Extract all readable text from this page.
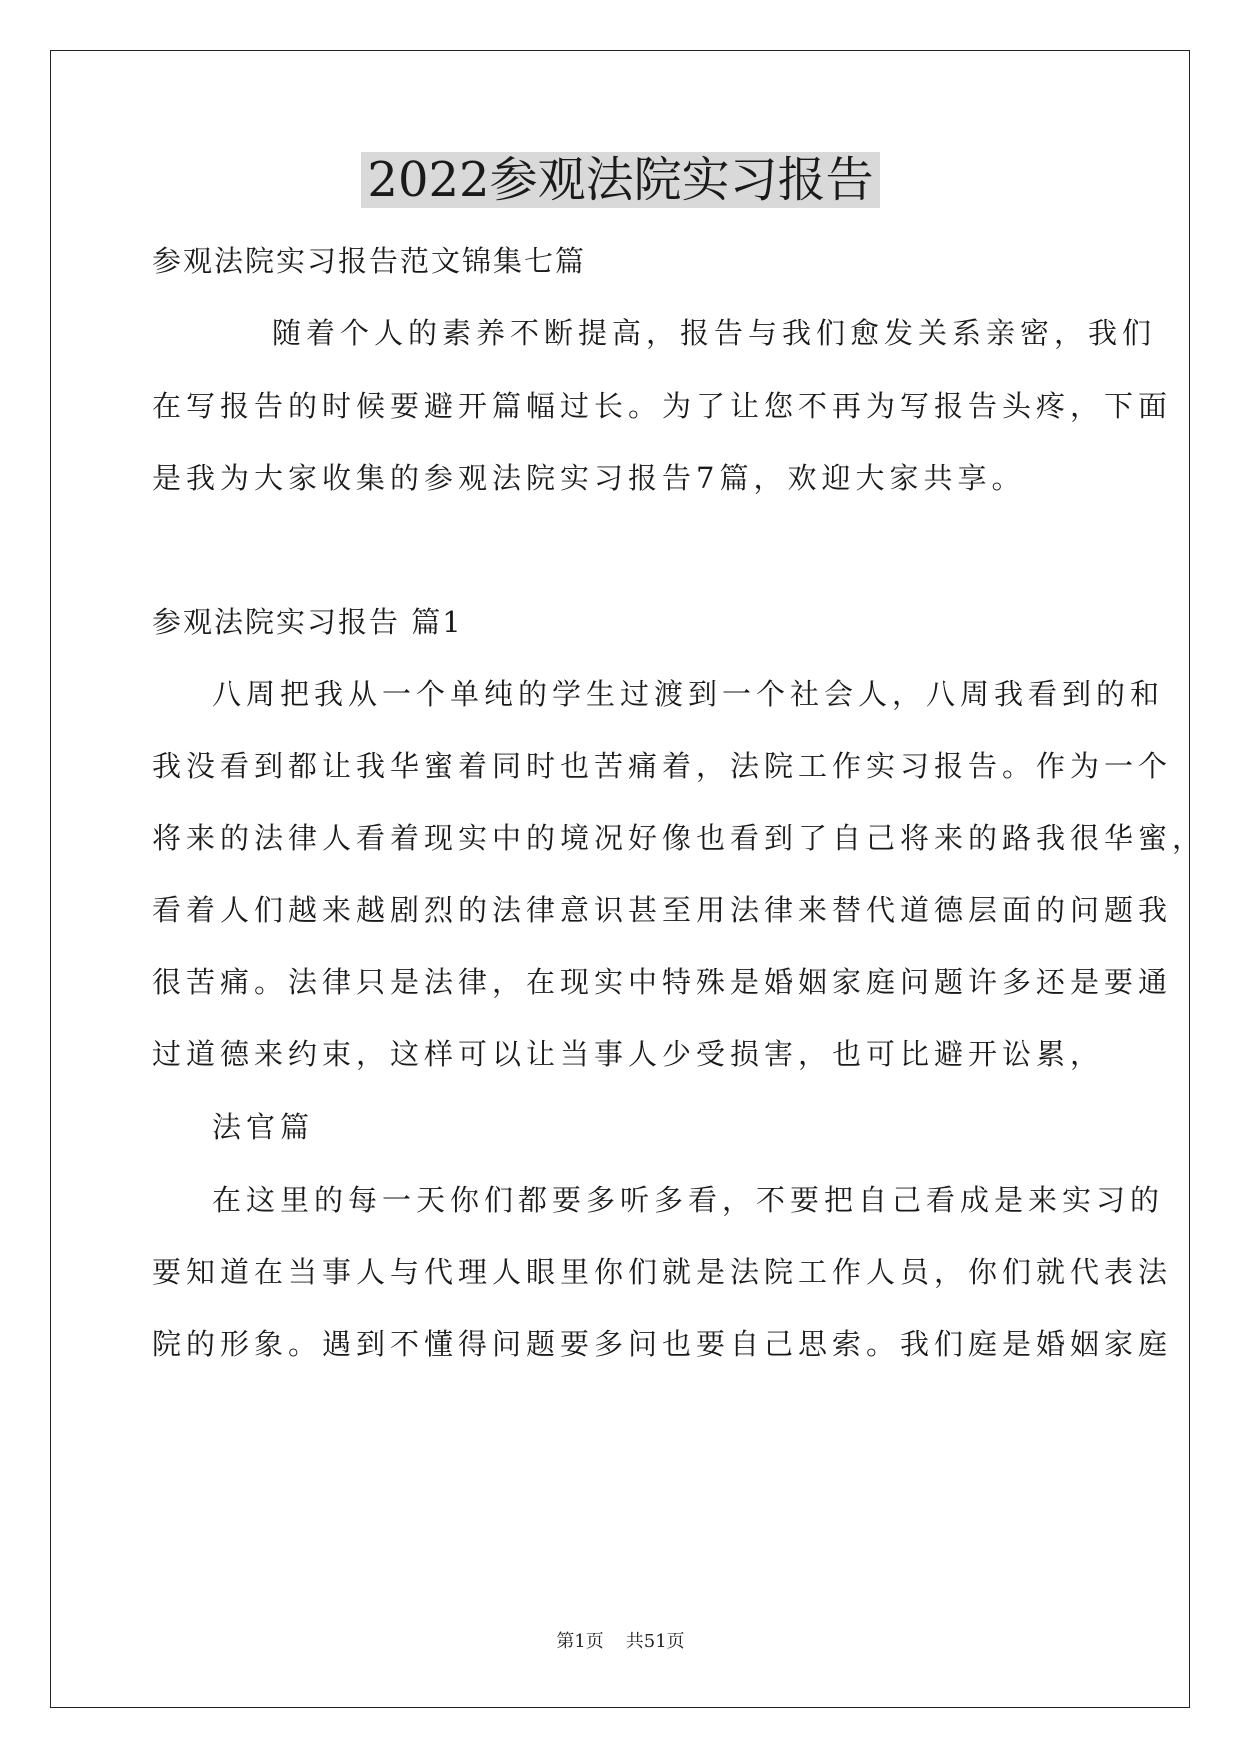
2022参观法院实习报告
参观法院实习报告范文锦集七篇
随着个人的素养不断提高，报告与我们愈发关系亲密，我们
在写报告的时候要避开篇幅过长。为了让您不再为写报告头疼，下面
是我为大家收集的参观法院实习报告7篇，欢迎大家共享。
参观法院实习报告 篇1
八周把我从一个单纯的学生过渡到一个社会人，八周我看到的和
我没看到都让我华蜜着同时也苦痛着，法院工作实习报告。作为一个
将来的法律人看着现实中的境况好像也看到了自己将来的路我很华蜜，
看着人们越来越剧烈的法律意识甚至用法律来替代道德层面的问题我
很苦痛。法律只是法律，在现实中特殊是婚姻家庭问题许多还是要通
过道德来约束，这样可以让当事人少受损害，也可比避开讼累，
法官篇
在这里的每一天你们都要多听多看，不要把自己看成是来实习的
要知道在当事人与代理人眼里你们就是法院工作人员，你们就代表法
院的形象。遇到不懂得问题要多问也要自己思索。我们庭是婚姻家庭
第1页 共51页
